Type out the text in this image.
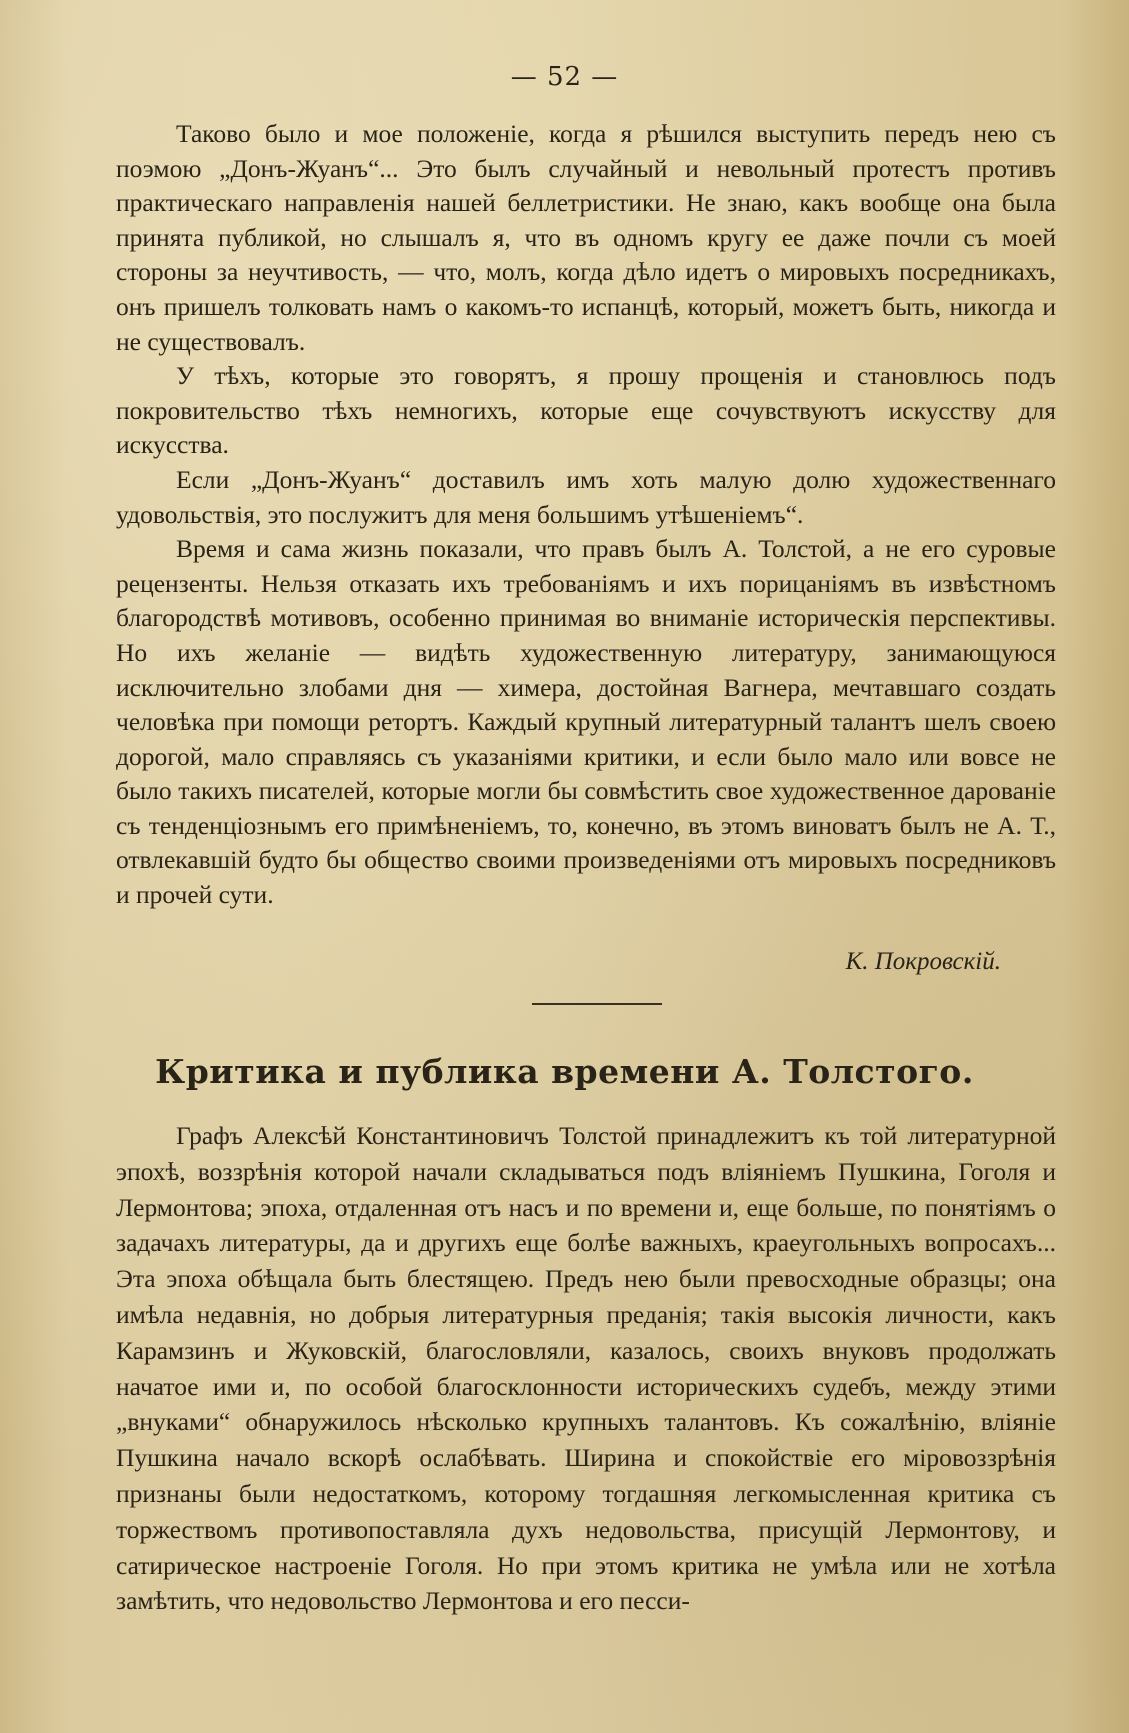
— 52 —

Таково было и мое положеніе, когда я рѣшился выступить передъ нею съ поэмою „Донъ-Жуанъ“... Это былъ случайный и невольный протестъ противъ практическаго направленія нашей беллетристики. Не знаю, какъ вообще она была принята публикой, но слышалъ я, что въ одномъ кругу ее даже почли съ моей стороны за неучтивость, — что, молъ, когда дѣло идетъ о мировыхъ посредникахъ, онъ пришелъ толковать намъ о какомъ-то испанцѣ, который, можетъ быть, никогда и не существовалъ.

У тѣхъ, которые это говорятъ, я прошу прощенія и становлюсь подъ покровительство тѣхъ немногихъ, которые еще сочувствуютъ искусству для искусства.

Если „Донъ-Жуанъ“ доставилъ имъ хоть малую долю художественнаго удовольствія, это послужитъ для меня большимъ утѣшеніемъ“.

Время и сама жизнь показали, что правъ былъ А. Толстой, а не его суровые рецензенты. Нельзя отказать ихъ требованіямъ и ихъ порицаніямъ въ извѣстномъ благородствѣ мотивовъ, особенно принимая во вниманіе историческія перспективы. Но ихъ желаніе — видѣть художественную литературу, занимающуюся исключительно злобами дня — химера, достойная Вагнера, мечтавшаго создать человѣка при помощи ретортъ. Каждый крупный литературный талантъ шелъ своею дорогой, мало справляясь съ указаніями критики, и если было мало или вовсе не было такихъ писателей, которые могли бы совмѣстить свое художественное дарованіе съ тенденціознымъ его примѣненіемъ, то, конечно, въ этомъ виноватъ былъ не А. Т., отвлекавшій будто бы общество своими произведеніями отъ мировыхъ посредниковъ и прочей сути.

К. Покровскій.
Критика и публика времени А. Толстого.

Графъ Алексѣй Константиновичъ Толстой принадлежитъ къ той литературной эпохѣ, воззрѣнія которой начали складываться подъ вліяніемъ Пушкина, Гоголя и Лермонтова; эпоха, отдаленная отъ насъ и по времени и, еще больше, по понятіямъ о задачахъ литературы, да и другихъ еще болѣе важныхъ, краеугольныхъ вопросахъ... Эта эпоха обѣщала быть блестящею. Предъ нею были превосходные образцы; она имѣла недавнія, но добрыя литературныя преданія; такія высокія личности, какъ Карамзинъ и Жуковскій, благословляли, казалось, своихъ внуковъ продолжать начатое ими и, по особой благосклонности историческихъ судебъ, между этими „внуками“ обнаружилось нѣсколько крупныхъ талантовъ. Къ сожалѣнію, вліяніе Пушкина начало вскорѣ ослабѣвать. Ширина и спокойствіе его міровоззрѣнія признаны были недостаткомъ, которому тогдашняя легкомысленная критика съ торжествомъ противопоставляла духъ недовольства, присущій Лермонтову, и сатирическое настроеніе Гоголя. Но при этомъ критика не умѣла или не хотѣла замѣтить, что недовольство Лермонтова и его песси-
